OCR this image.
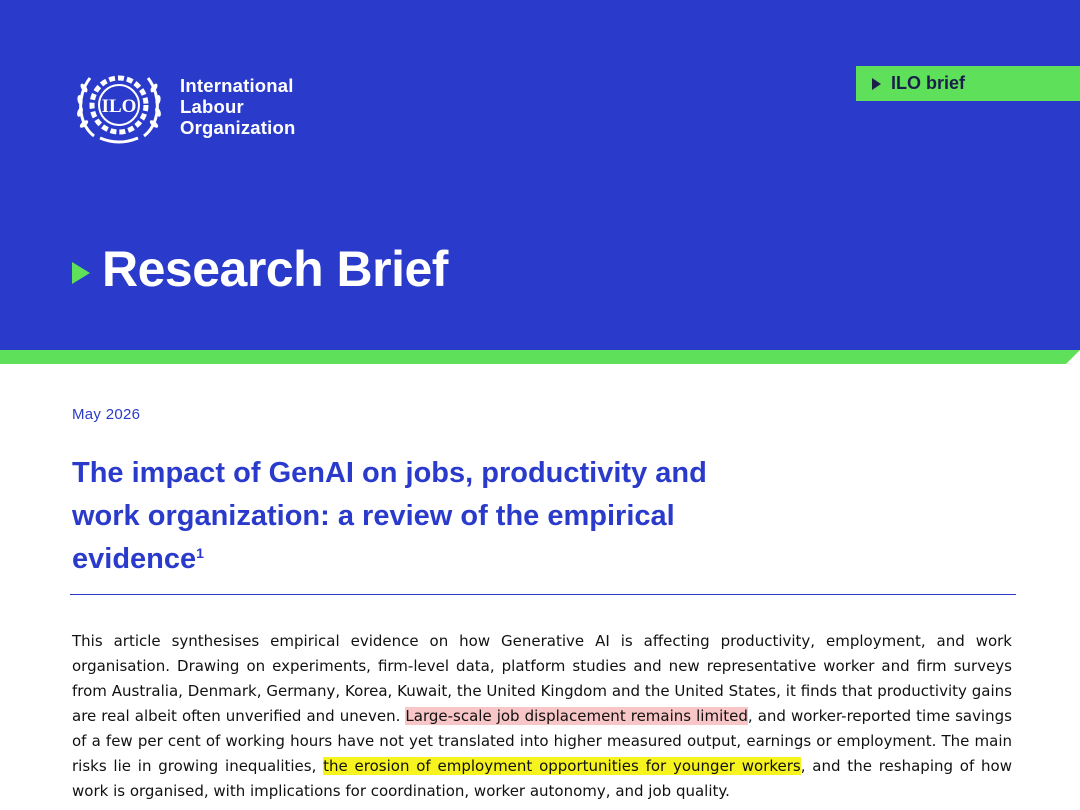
ILO
International
Labour
Organization
ILO brief
Research Brief
May 2026
The impact of GenAI on jobs, productivity and work organization: a review of the empirical evidence$^1$

This article synthesises empirical evidence on how Generative AI is affecting productivity, employment, and work organisation. Drawing on experiments, firm-level data, platform studies and new representative worker and firm surveys from Australia, Denmark, Germany, Korea, Kuwait, the United Kingdom and the United States, it finds that productivity gains are real albeit often unverified and uneven. Large-scale job displacement remains limited, and worker-reported time savings of a few per cent of working hours have not yet translated into higher measured output, earnings or employment. The main risks lie in growing inequalities, the erosion of employment opportunities for younger workers, and the reshaping of how work is organised, with implications for coordination, worker autonomy, and job quality.
